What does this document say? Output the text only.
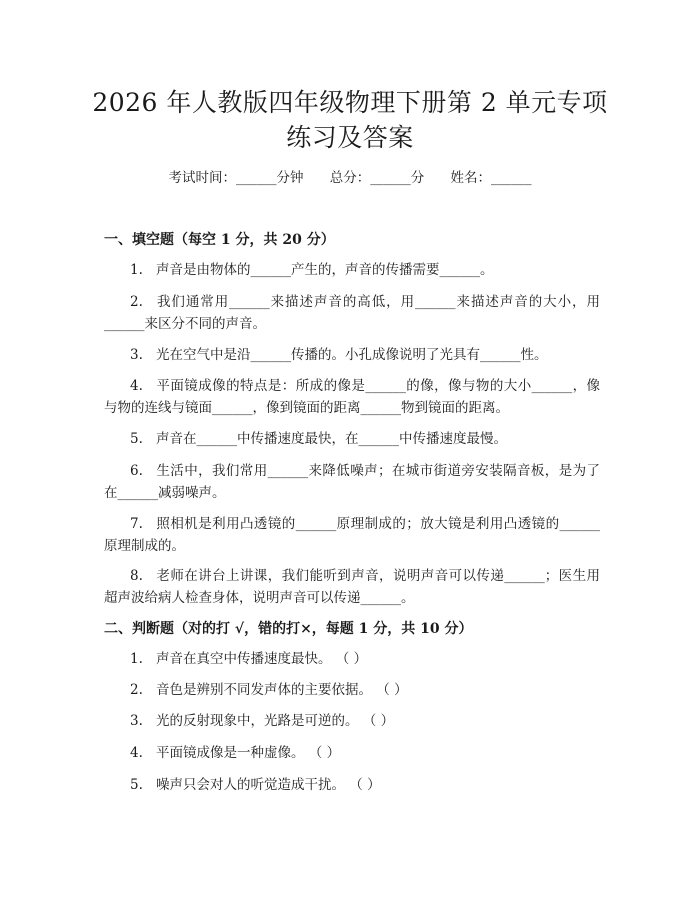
2026 年人教版四年级物理下册第 2 单元专项
练习及答案
考试时间：______分钟 总分：______分 姓名：______
一、填空题（每空 1 分，共 20 分）
1. 声音是由物体的______产生的，声音的传播需要______。
2. 我们通常用______来描述声音的高低，用______来描述声音的大小，用______来区分不同的声音。
3. 光在空气中是沿______传播的。小孔成像说明了光具有______性。
4. 平面镜成像的特点是：所成的像是______的像，像与物的大小______，像与物的连线与镜面______，像到镜面的距离______物到镜面的距离。
5. 声音在______中传播速度最快，在______中传播速度最慢。
6. 生活中，我们常用______来降低噪声；在城市街道旁安装隔音板，是为了在______减弱噪声。
7. 照相机是利用凸透镜的______原理制成的；放大镜是利用凸透镜的______原理制成的。
8. 老师在讲台上讲课，我们能听到声音，说明声音可以传递______；医生用超声波给病人检查身体，说明声音可以传递______。
二、判断题（对的打 √，错的打×，每题 1 分，共 10 分）
1. 声音在真空中传播速度最快。 （ ）
2. 音色是辨别不同发声体的主要依据。 （ ）
3. 光的反射现象中，光路是可逆的。 （ ）
4. 平面镜成像是一种虚像。 （ ）
5. 噪声只会对人的听觉造成干扰。 （ ）
